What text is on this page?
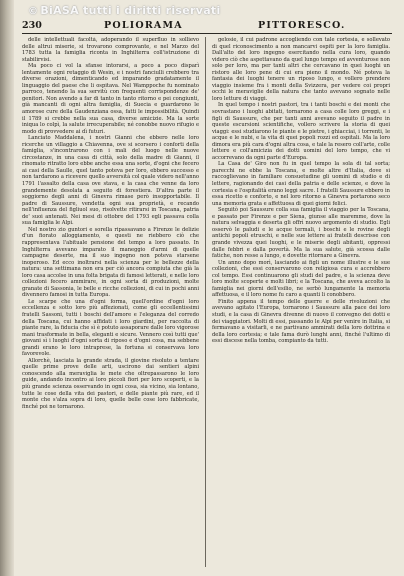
© BiASA tutti i diritti riservati
230	POLIORAMA	PITTORESCO.

delle intellettuali facoltà, adoperando il superfluo in sollievo delle altrui miserie, si trovarono comprovante, e nel Marzo del 1783 tutta la famiglia riconta in Inghilterra coll'istruzione di stabilirvisi.

Ma poco ci vol la sfanse intorarsi, a poco a poco disparì lentamente ogni retaggio di Wesin, e i nostri fanciulli crebbero tra diverse orazioni, dimenticando ed imparando gradatamente il linguaggio del paese che li ospitava. Nel Wamppoche fu nominato parroco, tenendo la sua servitù con frequenti corrispondenze de' genitori. Non avendo a far di tanto in tanto ritorno e pei congiunti, già mancanti di ogni altra famiglia, di Suecia e guardarono le amorose cure della Gaudenziana ossa, fatti le impossibilità. Quindi il 1789 si crebbe nella sua casa, diverse amicizie. Ma la sorte iniqua lo colpì, la salute irrecuperabile; né conobbe nuovo rifugio e modo di provvedere ai dì futuri.

Lanciato Maddalena, i nostri Gianni che ebbero nelle loro ricerche un villaggio a Chiavenna, ove si scorsero i conforti della famiglia, s'incontrarono con i mali del luogo nelle nuove circostanze, in una casa di città, solo della madre di Gianni, il rinomato ritratto loro ebbe anche essa una sorte, d'ogni che fecero ai casi della Saulle, quel tanto poteva per loro, ebbero successo e non tardarono a ricevere quello avversità col quale videro nell'anno 1791 l'assalto della casa ove stava, e la casa che venne da loro grandemente desolata a seguito di forestiera. D'altra parte il soggiorno degli anni di Ginevra rimase però insopportabile. Il padre di Saussure, vendetta ogni sua proprietà, e recando nell'influenza del figliuol suo, risolvette ritirarsi in Toscana, patria de' suoi antenati. Nei mesi di ottobre del 1793 egli passava colla sua famiglia le Alpi.

Nel nostro zio guntori e sorella ripassavano a Firenze le delizie d'un fiorato alloggiamento, e questi ne riebbero ciò che rappresentava l'abituale pensione del tempo a loro passato. In Inghilterra avevano imparato il maneggio d'armi di quelle campagne deserte, ma il suo ingegno non poteva starsene inoperoso. Ed ecco inoltrarsi nella scienza per le bellezze della natura: una settimana non era per ciò ancora compiuta che già la loro casa accolse in una folta brigata di famosi letterati, e nelle loro collezioni fecero ammirare, in ogni sorta di produzioni, molte granate di Sassonia, le belle e ricche collezioni, di cui in pochi anni divennero famosi in tutta Europa.

Le scarpe che una d'ogni forma, quell'ordine d'ogni loro eccellenza e sotto loro più affezionati, come gli eccellentissimi fratelli Sassoni, tutti i boschi dell'amore e l'eleganza del corredo della Toscana, cui hanno affidati i loro giardini, per raccolta di piante rare, la fiducia che sì è potuto assaporare dalle loro vigorose mani trasformate in bella, eleganti e sicure. Vennero così tutti que' giovani sì i luoghi d'ogni sorta di riposo e d'ogni cosa, ma sebbene grandi erano le loro intraprese, la fortuna si conservava loro favorevole.

Allorchè, lasciata la grande strada, il giovine risoluto a tentare quelle prime prove delle arti, uscirono dai sentieri alpini conoscendo alla meraviglia le mete che oltrepassarono le loro guide, andando incontro ai loro piccoli fiori per loro scoperti, e la più grande scienza osservando in ogni cosa, sia vicino, sia lontano, tutte le cose della vita dei pastori, e delle piante più rare, ed il monte che s'alza sopra di loro, quelle belle cose loro fabbricate, finché poi ne tornarono.

gelosie, il cui padrone accogliendo con tale cortesia, e sollevato di quel riconoscimento a non mancarvi ospiti per la loro famiglia. Dall'alto del loro ingegno esercitando nella cura loro, quando videro ciò che aspettavano da quel lungo tempo ed avventurose non solo per loro, ma per tanti altri che cercavano in quei luoghi un ristoro alle loro pene di cui era pieno il mondo. Né poteva la fantasia dei luoghi tenere un riposo lungo, e vollero prendere viaggio insieme fra i monti della Svizzera, per vedere coi propri occhi le meraviglie della natura che tanto avevano sognato nelle loro letture di viaggi.

In quel tempo i nostri pastori, tra i tanti boschi e dei monti che sovrastano i luoghi abitati, tornarono a casa colle loro greggi, e i figli di Saussure, che per tanti anni avevano seguito il padre in queste escursioni scientifiche, vollero scrivere la storia di quei viaggi: essi studiarono le piante e le pietre, i ghiacciai, i torrenti, le acque e le nubi, e la vita di quei popoli rozzi ed ospitali. Ma la loro dimora era più cara d'ogni altra cosa, e tale la resero coll'arte, colle lettere e coll'amicizia dei dotti uomini del loro tempo, che vi accorrevano da ogni parte d'Europa.

La Casa de' Giro non fu in quel tempo la sola di tal sorta; parecchi ne ebbe la Toscana, e molte altre d'Italia, dove si raccoglievano in familiare consuetudine gli uomini di studio e di lettere, ragionando dei casi della patria e delle scienze, e dove la cortesia e l'ospitalità erano leggi sacre. I fratelli Saussure ebbero in essa ricetto e conforto, e nel loro ritorno a Ginevra portarono seco una memoria grata e affettuosa di quei giorni felici.

Seguitò poi Saussure colla sua famiglia il viaggio per la Toscana, e passato per Firenze e per Siena, giunse alle maremme, dove la natura selvaggia e deserta gli offrì nuovo argomento di studio. Egli osservò le paludi e le acque termali, i boschi e le rovine degli antichi popoli etruschi, e nelle sue lettere ai fratelli descrisse con grande vivezza quei luoghi, e le miserie degli abitanti, oppressi dalle febbri e dalla povertà. Ma la sua salute, già scossa dalle fatiche, non resse a lungo, e dovette ritornare a Ginevra.

Un anno dopo morì, lasciando ai figli un nome illustre e le sue collezioni, che essi conservarono con religiosa cura e accrebbero col tempo. Essi continuarono gli studi del padre, e la scienza deve loro molte scoperte e molti libri; e la Toscana, che aveva accolto la famiglia nei giorni dell'esilio, ne serbò lungamente la memoria affettuosa, e il loro nome fu caro a quanti li conobbero.

Finito appena il tempo delle guerre e delle rivoluzioni che avevano agitato l'Europa, tornarono i Saussure alla pace dei loro studi, e la casa di Ginevra divenne di nuovo il convegno dei dotti e dei viaggiatori. Molti di essi, passando le Alpi per venire in Italia, si fermavano a visitarli, e ne partivano ammirati della loro dottrina e della loro cortesia; e tale fama durò lunghi anni, finché l'ultimo di essi discese nella tomba, compianto da tutti.
